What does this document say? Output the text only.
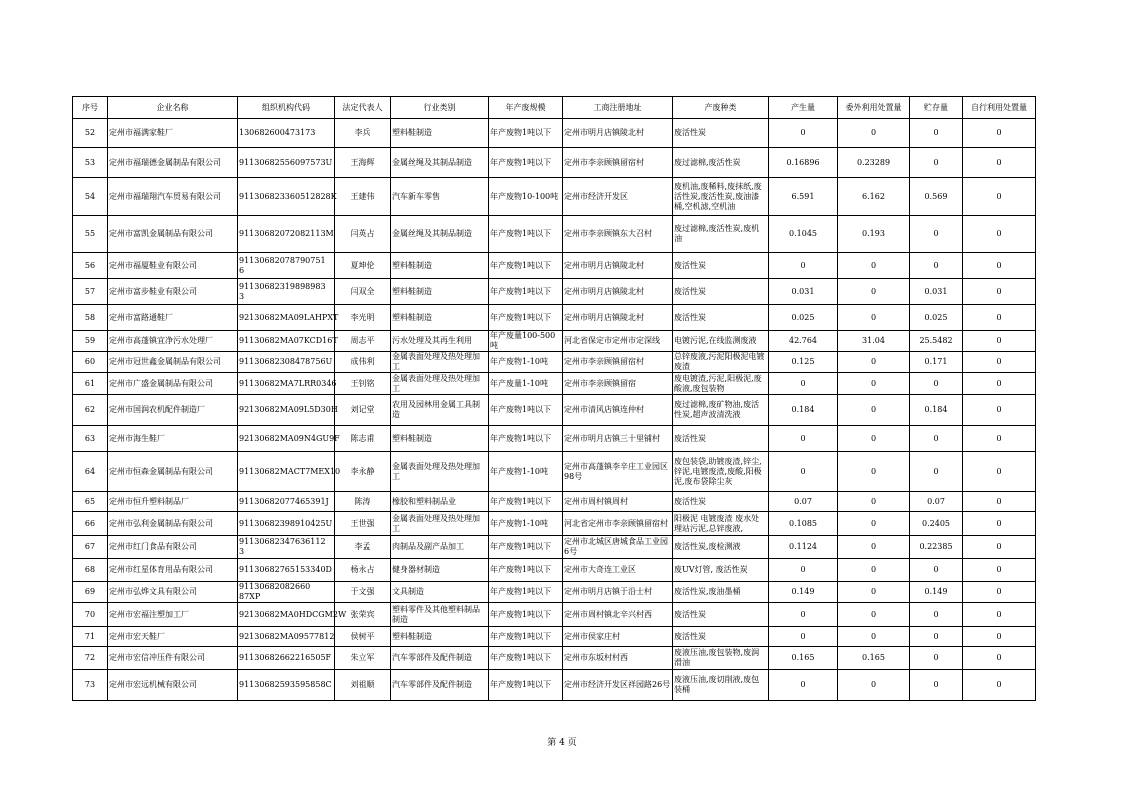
序号	企业名称	组织机构代码	法定代表人	行业类别	年产废规模	工商注册地址	产废种类	产生量	委外利用处置量	贮存量	自行利用处置量
52	定州市福满家鞋厂	130682600473173	李兵	塑料鞋制造	年产废物1吨以下	定州市明月店镇陵北村	废活性炭	0	0	0	0
53	定州市福瑞德金属制品有限公司	91130682556097573U	王海辉	金属丝绳及其制品制造	年产废物1吨以下	定州市李亲顾镇留宿村	废过滤棉,废活性炭	0.16896	0.23289	0	0
54	定州市福瑞翔汽车贸易有限公司	911306823360512828K	王建伟	汽车新车零售	年产废物10-100吨	定州市经济开发区	废机油,废稀料,废抹纸,废活性炭,废活性炭,废油漆桶,空机滤,空机油	6.591	6.162	0.569	0
55	定州市富凯金属制品有限公司	91130682072082113M	闫英占	金属丝绳及其制品制造	年产废物1吨以下	定州市李亲顾镇东大召村	废过滤棉,废活性炭,废机油	0.1045	0.193	0	0
56	定州市福厦鞋业有限公司	91130682078790751 6	夏坤伦	塑料鞋制造	年产废物1吨以下	定州市明月店镇陵北村	废活性炭	0	0	0	0
57	定州市富步鞋业有限公司	91130682319898983 3	闫双全	塑料鞋制造	年产废物1吨以下	定州市明月店镇陵北村	废活性炭	0.031	0	0.031	0
58	定州市富路通鞋厂	92130682MA09LAHPXT	李光明	塑料鞋制造	年产废物1吨以下	定州市明月店镇陵北村	废活性炭	0.025	0	0.025	0
59	定州市高蓬镇宜净污水处理厂	91130682MA07KCD16T	周志平	污水处理及其再生利用	年产废量100-500吨	河北省保定市定州市定深线	电镀污泥,在线监测废液	42.764	31.04	25.5482	0
60	定州市冠世鑫金属制品有限公司	91130682308478756U	成伟利	金属表面处理及热处理加工	年产废物1-10吨	定州市李亲顾镇留宿村	总锌废液,污泥阳极泥电镀废渣	0.125	0	0.171	0
61	定州市广盛金属制品有限公司	91130682MA7LRR0346	王钊铭	金属表面处理及热处理加工	年产废量1-10吨	定州市李亲顾镇留宿	废电镀渣,污泥,阳极泥,废酸液,废包装物	0	0	0	0
62	定州市国润农机配件制造厂	92130682MA09L5D30H	刘记堂	农用及园林用金属工具制造	年产废物1吨以下	定州市清风店镇连仲村	废过滤棉,废矿物油,废活性炭,超声波清洗液	0.184	0	0.184	0
63	定州市海生鞋厂	92130682MA09N4GU9F	陈志甫	塑料鞋制造	年产废物1吨以下	定州市明月店镇三十里铺村	废活性炭	0	0	0	0
64	定州市恒森金属制品有限公司	91130682MACT7MEX10	李永静	金属表面处理及热处理加工	年产废物1-10吨	定州市高蓬镇李辛庄工业园区98号	废包装袋,助镀废渣,锌尘,锌泥,电镀废渣,废酸,阳极泥,废布袋除尘灰	0	0	0	0
65	定州市恒升塑料制品厂	91130682077465391J	陈涛	橡胶和塑料制品业	年产废物1吨以下	定州市周村镇周村	废活性炭	0.07	0	0.07	0
66	定州市弘利金属制品有限公司	91130682398910425U	王世强	金属表面处理及热处理加工	年产废物1-10吨	河北省定州市李亲顾镇留宿村	阳极泥 电镀废渣 废水处理站污泥,总锌废液,	0.1085	0	0.2405	0
67	定州市红门食品有限公司	91130682347636112 3	李孟	肉制品及副产品加工	年产废物1吨以下	定州市北城区唐城食品工业园6号	废活性炭,废检测液	0.1124	0	0.22385	0
68	定州市红星体育用品有限公司	91130682765153340D	杨永占	健身器材制造	年产废物1吨以下	定州市大奇连工业区	废UV灯管, 废活性炭	0	0	0	0
69	定州市弘烨文具有限公司	91130682082660 87XP	于文强	文具制造	年产废物1吨以下	定州市明月店镇于沿士村	废活性炭,废油墨桶	0.149	0	0.149	0
70	定州市宏福注塑加工厂	92130682MA0HDCGM2W	张荣宾	塑料零件及其他塑料制品制造	年产废物1吨以下	定州市周村镇北辛兴村西	废活性炭	0	0	0	0
71	定州市宏天鞋厂	92130682MA09577812	侯树平	塑料鞋制造	年产废物1吨以下	定州市侯家庄村	废活性炭	0	0	0	0
72	定州市宏信冲压件有限公司	91130682662216505F	朱立军	汽车零部件及配件制造	年产废物1吨以下	定州市东坂村村西	废液压油,废包装物,废润滑油	0.165	0.165	0	0
73	定州市宏远机械有限公司	91130682593595858C	刘祖顺	汽车零部件及配件制造	年产废物1吨以下	定州市经济开发区祥园路26号	废液压油,废切削液,废包装桶	0	0	0	0
第 4 页
